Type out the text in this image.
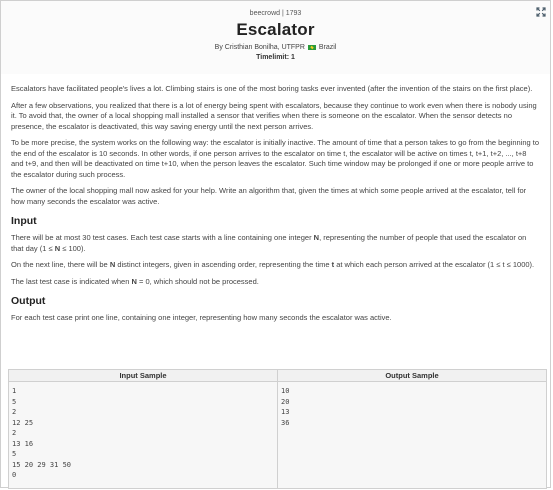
beecrowd | 1793
Escalator
By Cristhian Bonilha, UTFPR Brazil
Timelimit: 1

Escalators have facilitated people's lives a lot. Climbing stairs is one of the most boring tasks ever invented (after the invention of the stairs on the first place).

After a few observations, you realized that there is a lot of energy being spent with escalators, because they continue to work even when there is nobody using it. To avoid that, the owner of a local shopping mall installed a sensor that verifies when there is someone on the escalator. When the sensor detects no presence, the escalator is deactivated, this way saving energy until the next person arrives.

To be more precise, the system works on the following way: the escalator is initially inactive. The amount of time that a person takes to go from the beginning to the end of the escalator is 10 seconds. In other words, if one person arrives to the escalator on time t, the escalator will be active on times t, t+1, t+2, ..., t+8 and t+9, and then will be deactivated on time t+10, when the person leaves the escalator. Such time window may be prolonged if one or more people arrive to the escalator during such process.

The owner of the local shopping mall now asked for your help. Write an algorithm that, given the times at which some people arrived at the escalator, tell for how many seconds the escalator was active.

Input

There will be at most 30 test cases. Each test case starts with a line containing one integer N, representing the number of people that used the escalator on that day (1 ≤ N ≤ 100).

On the next line, there will be N distinct integers, given in ascending order, representing the time t at which each person arrived at the escalator (1 ≤ t ≤ 1000).

The last test case is indicated when N = 0, which should not be processed.

Output

For each test case print one line, containing one integer, representing how many seconds the escalator was active.

Input Sample
1
5
2
12 25
2
13 16
5
15 20 29 31 50
0
Output Sample
10
20
13
36
